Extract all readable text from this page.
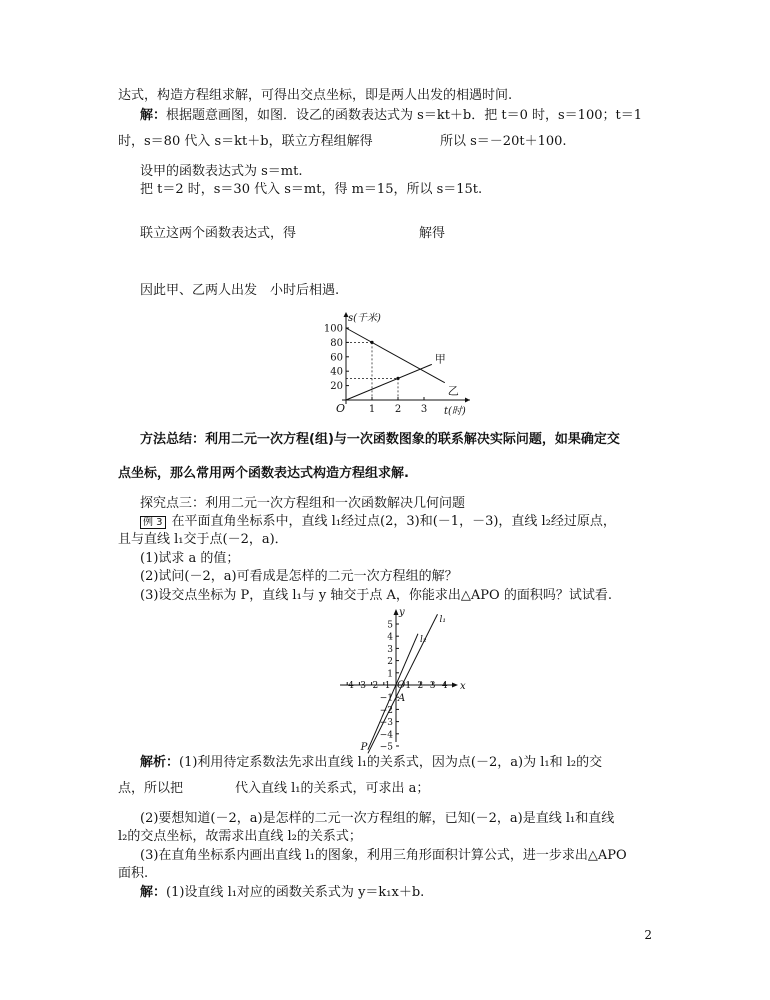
达式，构造方程组求解，可得出交点坐标，即是两人出发的相遇时间.
解：根据题意画图，如图．设乙的函数表达式为 s＝kt＋b．把 t＝0 时，s＝100；t＝1
时，s＝80 代入 s＝kt＋b，联立方程组解得	所以 s＝－20t＋100.
设甲的函数表达式为 s＝mt.
把 t＝2 时，s＝30 代入 s＝mt，得 m＝15，所以 s＝15t.
联立这两个函数表达式，得	解得
因此甲、乙两人出发　小时后相遇.
s(千米)
t(时)
O
20
40
60
80
100
1 2 3
甲
乙
方法总结：利用二元一次方程(组)与一次函数图象的联系解决实际问题，如果确定交
点坐标，那么常用两个函数表达式构造方程组求解.
探究点三：利用二元一次方程组和一次函数解决几何问题
例 3 在平面直角坐标系中，直线 l₁经过点(2，3)和(－1，－3)，直线 l₂经过原点，
且与直线 l₁交于点(－2，a)．
(1)试求 a 的值；
(2)试问(－2，a)可看成是怎样的二元一次方程组的解？
(3)设交点坐标为 P，直线 l₁与 y 轴交于点 A，你能求出△APO 的面积吗？试试看.
x
y
O
−4
−3
−2
−1 1 2 3 4
−5
−4
−3
−2
−1
1
2
3
4
5
l₁
l₂
A
P
解析：(1)利用待定系数法先求出直线 l₁的关系式，因为点(－2，a)为 l₁和 l₂的交
点，所以把	代入直线 l₁的关系式，可求出 a；
(2)要想知道(－2，a)是怎样的二元一次方程组的解，已知(－2，a)是直线 l₁和直线
l₂的交点坐标，故需求出直线 l₂的关系式；
(3)在直角坐标系内画出直线 l₁的图象，利用三角形面积计算公式，进一步求出△APO
面积.
解：(1)设直线 l₁对应的函数关系式为 y＝k₁x＋b.
2
